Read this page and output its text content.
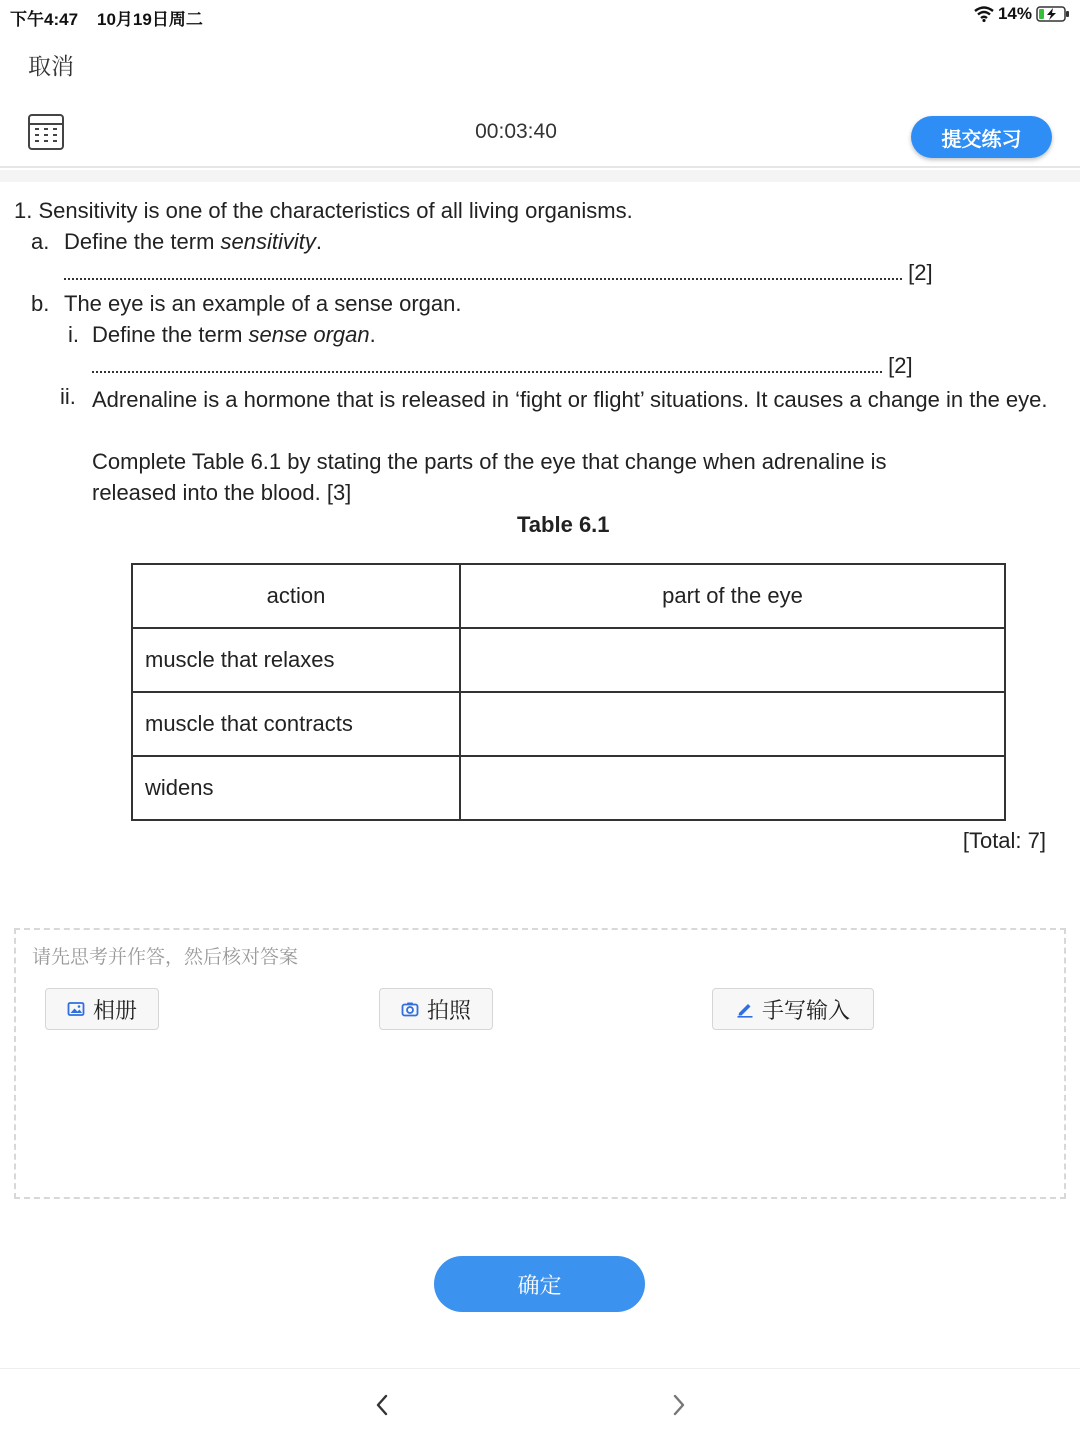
下午4:47 10月19日周二	14%
取消
00:03:40	提交练习
1. Sensitivity is one of the characteristics of all living organisms.
a. Define the term sensitivity.
[2]
b. The eye is an example of a sense organ.
i. Define the term sense organ.
[2]
ii. Adrenaline is a hormone that is released in ‘fight or flight’ situations. It causes a change in the eye.
Complete Table 6.1 by stating the parts of the eye that change when adrenaline is released into the blood. [3]
Table 6.1
action	part of the eye
muscle that relaxes	
muscle that contracts	
widens	
[Total: 7]
请先思考并作答，然后核对答案
相册	拍照	手写输入
确定
